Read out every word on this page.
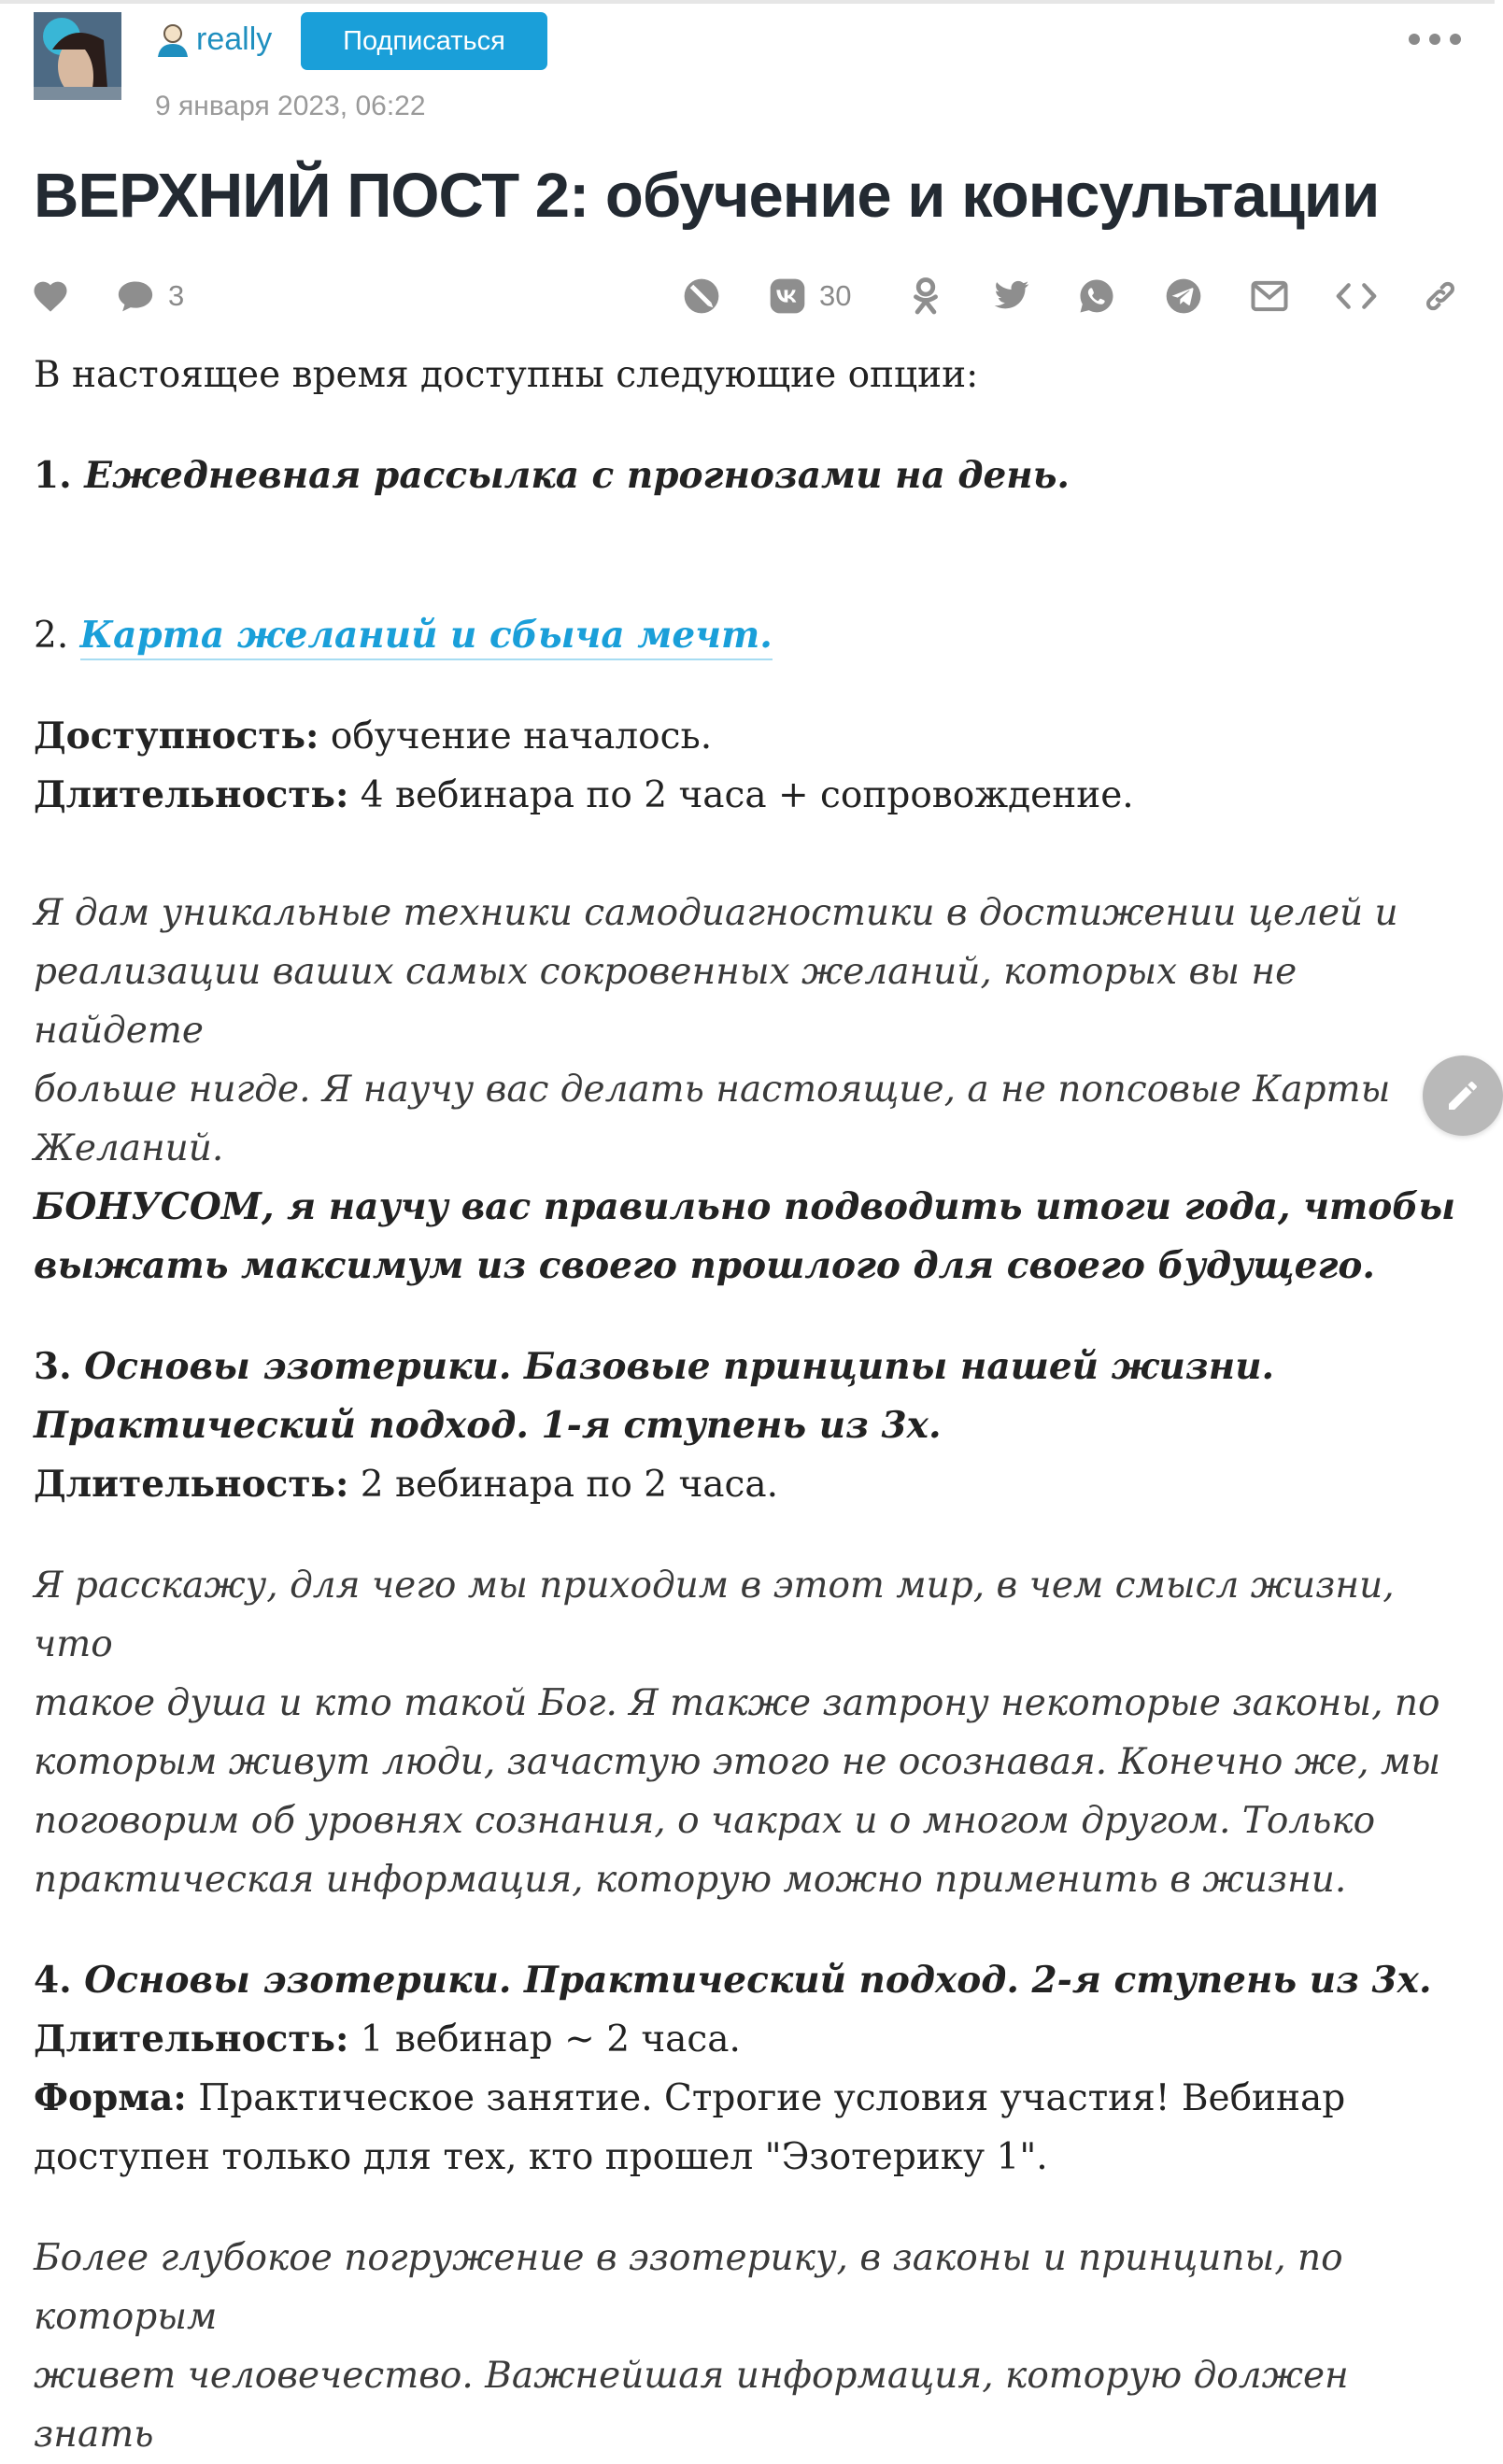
really	Подписаться
9 января 2023, 06:22
ВЕРХНИЙ ПОСТ 2: обучение и консультации
3	30

В настоящее время доступны следующие опции:

1. Ежедневная рассылка с прогнозами на день.

2. Карта желаний и сбыча мечт.

Доступность: обучение началось.

Длительность: 4 вебинара по 2 часа + сопровождение.

Я дам уникальные техники самодиагностики в достижении целей и

реализации ваших самых сокровенных желаний, которых вы не найдете

больше нигде. Я научу вас делать настоящие, а не попсовые Карты

Желаний.

БОНУСОМ, я научу вас правильно подводить итоги года, чтобы

выжать максимум из своего прошлого для своего будущего.

3. Основы эзотерики. Базовые принципы нашей жизни.

Практический подход. 1-я ступень из 3х.

Длительность: 2 вебинара по 2 часа.

Я расскажу, для чего мы приходим в этот мир, в чем смысл жизни, что

такое душа и кто такой Бог. Я также затрону некоторые законы, по

которым живут люди, зачастую этого не осознавая. Конечно же, мы

поговорим об уровнях сознания, о чакрах и о многом другом. Только

практическая информация, которую можно применить в жизни.

4. Основы эзотерики. Практический подход. 2-я ступень из 3х.

Длительность: 1 вебинар ~ 2 часа.

Форма: Практическое занятие. Строгие условия участия! Вебинар

доступен только для тех, кто прошел "Эзотерику 1".

Более глубокое погружение в эзотерику, в законы и принципы, по которым

живет человечество. Важнейшая информация, которую должен знать
